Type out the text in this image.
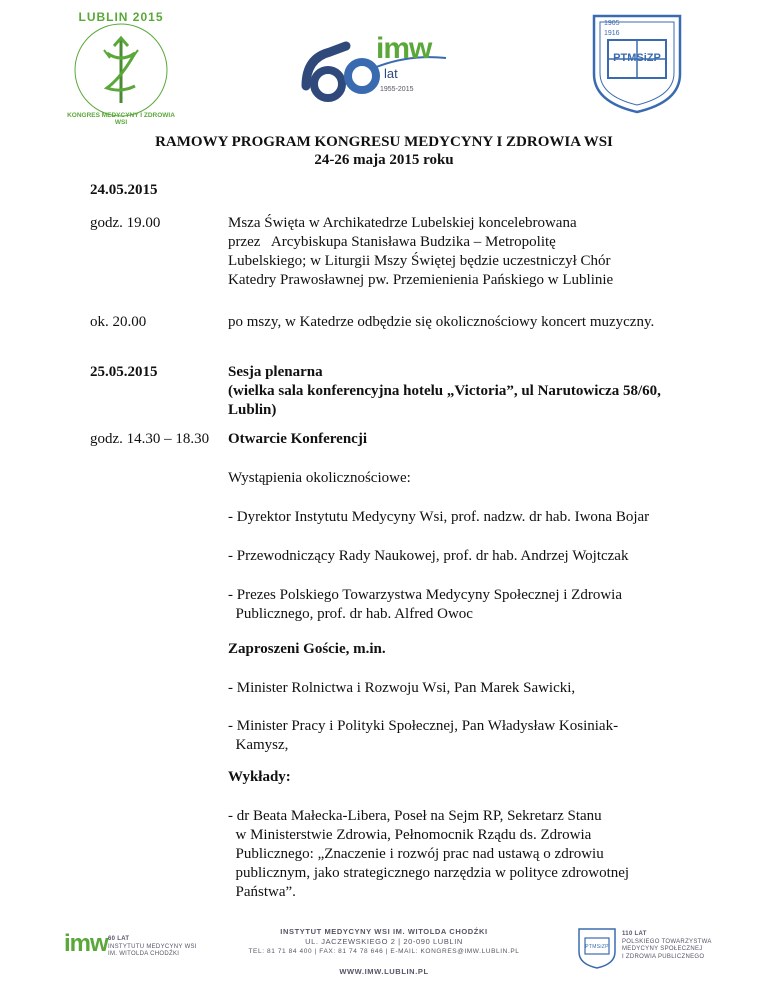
LUBLIN 2015
KONGRES MEDYCYNY I ZDROWIA WSI
imw
lat
1955-2015
1905
1916
PTMSiZP
RAMOWY PROGRAM KONGRESU MEDYCYNY I ZDROWIA WSI
24-26 maja 2015 roku
24.05.2015
godz. 19.00	Msza Święta w Archikatedrze Lubelskiej koncelebrowana
przez   Arcybiskupa Stanisława Budzika – Metropolitę
Lubelskiego; w Liturgii Mszy Świętej będzie uczestniczył Chór
Katedry Prawosławnej pw. Przemienienia Pańskiego w Lublinie
ok. 20.00	po mszy, w Katedrze odbędzie się okolicznościowy koncert muzyczny.
25.05.2015	Sesja plenarna
(wielka sala konferencyjna hotelu „Victoria”, ul Narutowicza 58/60,
Lublin)
godz. 14.30 – 18.30	Otwarcie Konferencji
Wystąpienia okolicznościowe:
- Dyrektor Instytutu Medycyny Wsi, prof. nadzw. dr hab. Iwona Bojar
- Przewodniczący Rady Naukowej, prof. dr hab. Andrzej Wojtczak
- Prezes Polskiego Towarzystwa Medycyny Społecznej i Zdrowia
Publicznego, prof. dr hab. Alfred Owoc
Zaproszeni Goście, m.in.
- Minister Rolnictwa i Rozwoju Wsi, Pan Marek Sawicki,
- Minister Pracy i Polityki Społecznej, Pan Władysław Kosiniak-
Kamysz,
Wykłady:
- dr Beata Małecka-Libera, Poseł na Sejm RP, Sekretarz Stanu
w Ministerstwie Zdrowia, Pełnomocnik Rządu ds. Zdrowia
Publicznego: „Znaczenie i rozwój prac nad ustawą o zdrowiu
publicznym, jako strategicznego narzędzia w polityce zdrowotnej
Państwa”.
imw 60 LAT
INSTYTUTU MEDYCYNY WSI
IM. WITOLDA CHODŹKI
INSTYTUT MEDYCYNY WSI IM. WITOLDA CHODŹKI
UL. JACZEWSKIEGO 2 | 20-090 LUBLIN
TEL: 81 71 84 400 | FAX: 81 74 78 646 | E-MAIL: KONGRES@IMW.LUBLIN.PL
WWW.IMW.LUBLIN.PL
PTMSiZP
110 LAT
POLSKIEGO TOWARZYSTWA
MEDYCYNY SPOŁECZNEJ
I ZDROWIA PUBLICZNEGO
